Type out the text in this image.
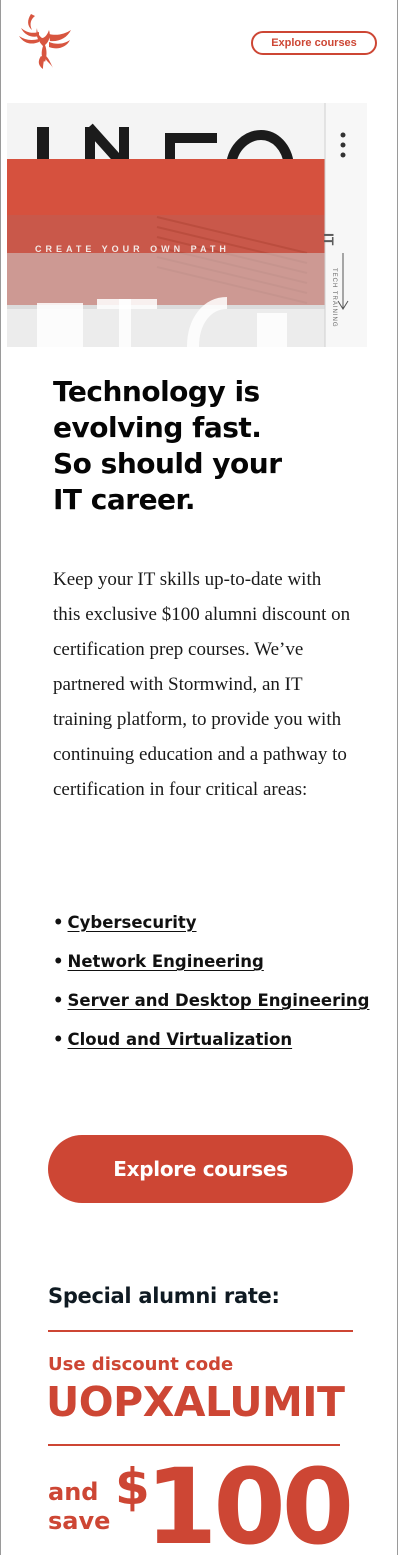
Explore courses
CREATE YOUR OWN PATH
TECH TRAINING
IT
Technology is
evolving fast.
So should your
IT career.

Keep your IT skills up-to-date with this exclusive $100 alumni discount on certification prep courses. We’ve partnered with Stormwind, an IT training platform, to provide you with continuing education and a pathway to certification in four critical areas:

• Cybersecurity
• Network Engineering
• Server and Desktop Engineering
• Cloud and Virtualization
Explore courses
Special alumni rate:
Use discount code
UOPXALUMIT
and
save
$
100
